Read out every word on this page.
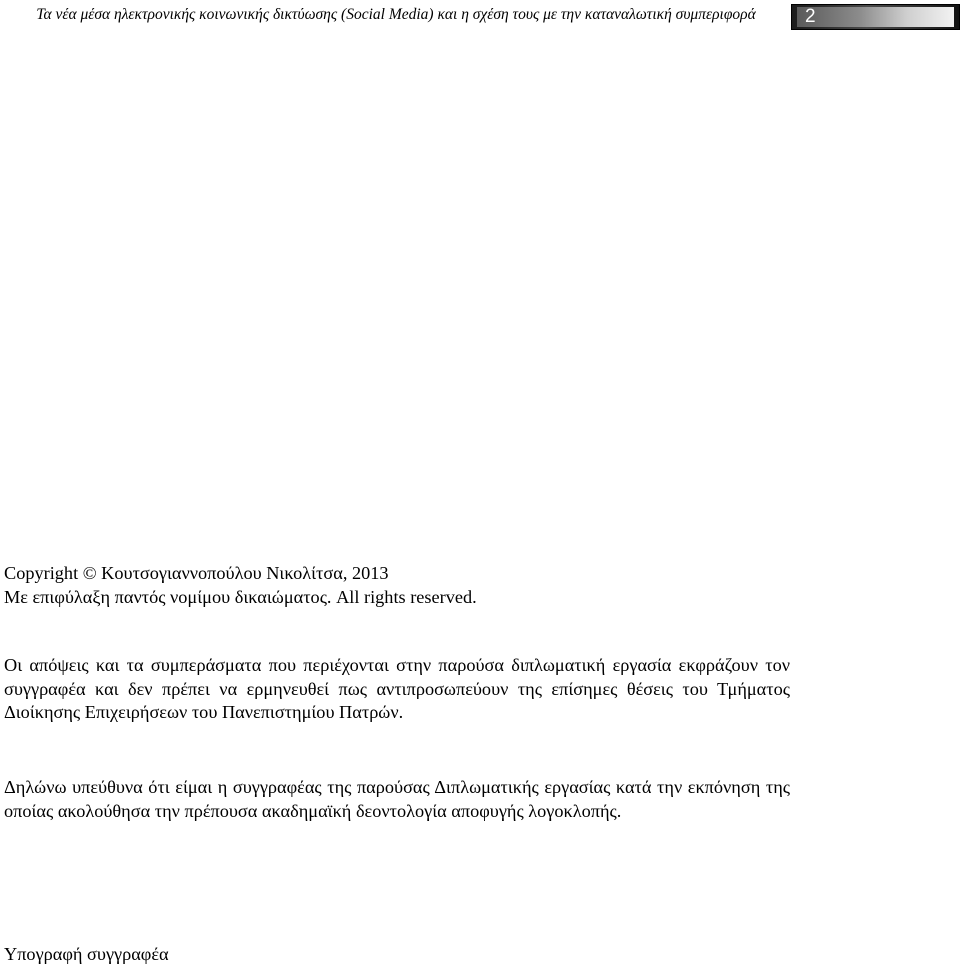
Τα νέα μέσα ηλεκτρονικής κοινωνικής δικτύωσης (Social Media) και η σχέση τους με την καταναλωτική συμπεριφορά	2
Copyright © Κουτσογιαννοπούλου Νικολίτσα, 2013
Με επιφύλαξη παντός νομίμου δικαιώματος. All rights reserved.
Οι απόψεις και τα συμπεράσματα που περιέχονται στην παρούσα διπλωματική εργασία εκφράζουν τον συγγραφέα και δεν πρέπει να ερμηνευθεί πως αντιπροσωπεύουν της επίσημες θέσεις του Τμήματος Διοίκησης Επιχειρήσεων του Πανεπιστημίου Πατρών.
Δηλώνω υπεύθυνα ότι είμαι η συγγραφέας της παρούσας Διπλωματικής εργασίας κατά την εκπόνηση της οποίας ακολούθησα την πρέπουσα ακαδημαϊκή δεοντολογία αποφυγής λογοκλοπής.
Υπογραφή συγγραφέα
